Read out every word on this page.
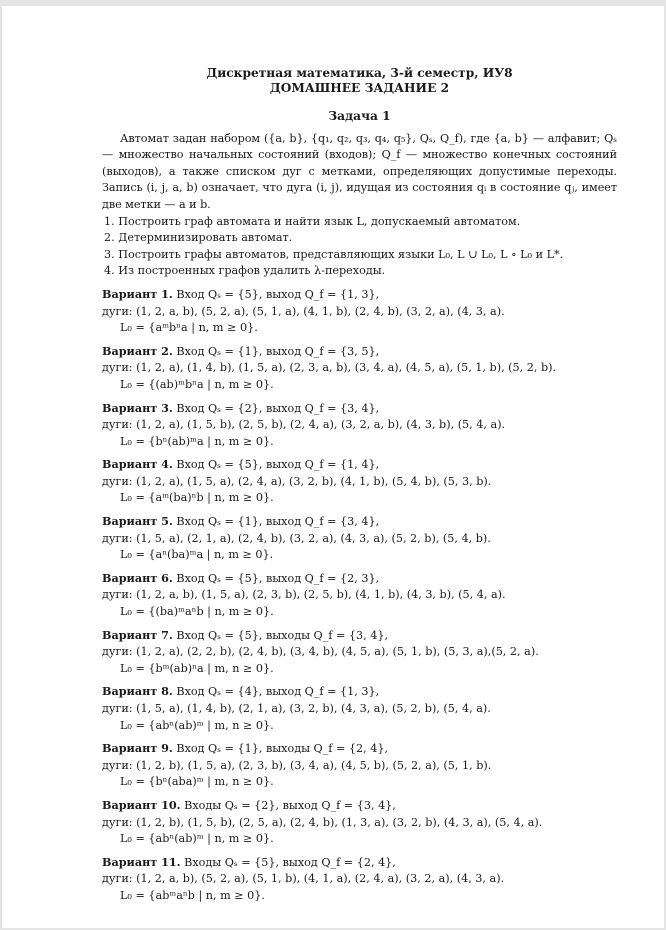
Дискретная математика, 3-й семестр, ИУ8
ДОМАШНЕЕ ЗАДАНИЕ 2
Задача 1
Автомат задан набором ({a, b}, {q₁, q₂, q₃, q₄, q₅}, Qₛ, Q_f), где {a, b} — алфавит; Qₛ — множество начальных состояний (входов); Q_f — множество конечных состояний (выходов), а также списком дуг с метками, определяющих допустимые переходы. Запись (i, j, a, b) означает, что дуга (i, j), идущая из состояния qᵢ в состояние qⱼ, имеет две метки — a и b.
1. Построить граф автомата и найти язык L, допускаемый автоматом.
2. Детерминизировать автомат.
3. Построить графы автоматов, представляющих языки L₀, L ∪ L₀, L ∘ L₀ и L*.
4. Из построенных графов удалить λ-переходы.
Вариант 1. Вход Qₛ = {5}, выход Q_f = {1, 3},
дуги: (1, 2, a, b), (5, 2, a), (5, 1, a), (4, 1, b), (2, 4, b), (3, 2, a), (4, 3, a).
L₀ = {aᵐbⁿa | n, m ≥ 0}.
Вариант 2. Вход Qₛ = {1}, выход Q_f = {3, 5},
дуги: (1, 2, a), (1, 4, b), (1, 5, a), (2, 3, a, b), (3, 4, a), (4, 5, a), (5, 1, b), (5, 2, b).
L₀ = {(ab)ᵐbⁿa | n, m ≥ 0}.
Вариант 3. Вход Qₛ = {2}, выход Q_f = {3, 4},
дуги: (1, 2, a), (1, 5, b), (2, 5, b), (2, 4, a), (3, 2, a, b), (4, 3, b), (5, 4, a).
L₀ = {bⁿ(ab)ᵐa | n, m ≥ 0}.
Вариант 4. Вход Qₛ = {5}, выход Q_f = {1, 4},
дуги: (1, 2, a), (1, 5, a), (2, 4, a), (3, 2, b), (4, 1, b), (5, 4, b), (5, 3, b).
L₀ = {aᵐ(ba)ⁿb | n, m ≥ 0}.
Вариант 5. Вход Qₛ = {1}, выход Q_f = {3, 4},
дуги: (1, 5, a), (2, 1, a), (2, 4, b), (3, 2, a), (4, 3, a), (5, 2, b), (5, 4, b).
L₀ = {aⁿ(ba)ᵐa | n, m ≥ 0}.
Вариант 6. Вход Qₛ = {5}, выход Q_f = {2, 3},
дуги: (1, 2, a, b), (1, 5, a), (2, 3, b), (2, 5, b), (4, 1, b), (4, 3, b), (5, 4, a).
L₀ = {(ba)ᵐaⁿb | n, m ≥ 0}.
Вариант 7. Вход Qₛ = {5}, выходы Q_f = {3, 4},
дуги: (1, 2, a), (2, 2, b), (2, 4, b), (3, 4, b), (4, 5, a), (5, 1, b), (5, 3, a),(5, 2, a).
L₀ = {bᵐ(ab)ⁿa | m, n ≥ 0}.
Вариант 8. Вход Qₛ = {4}, выход Q_f = {1, 3},
дуги: (1, 5, a), (1, 4, b), (2, 1, a), (3, 2, b), (4, 3, a), (5, 2, b), (5, 4, a).
L₀ = {abⁿ(ab)ᵐ | m, n ≥ 0}.
Вариант 9. Вход Qₛ = {1}, выходы Q_f = {2, 4},
дуги: (1, 2, b), (1, 5, a), (2, 3, b), (3, 4, a), (4, 5, b), (5, 2, a), (5, 1, b).
L₀ = {bⁿ(aba)ᵐ | m, n ≥ 0}.
Вариант 10. Входы Qₛ = {2}, выход Q_f = {3, 4},
дуги: (1, 2, b), (1, 5, b), (2, 5, a), (2, 4, b), (1, 3, a), (3, 2, b), (4, 3, a), (5, 4, a).
L₀ = {abⁿ(ab)ᵐ | n, m ≥ 0}.
Вариант 11. Входы Qₛ = {5}, выход Q_f = {2, 4},
дуги: (1, 2, a, b), (5, 2, a), (5, 1, b), (4, 1, a), (2, 4, a), (3, 2, a), (4, 3, a).
L₀ = {abᵐaⁿb | n, m ≥ 0}.
